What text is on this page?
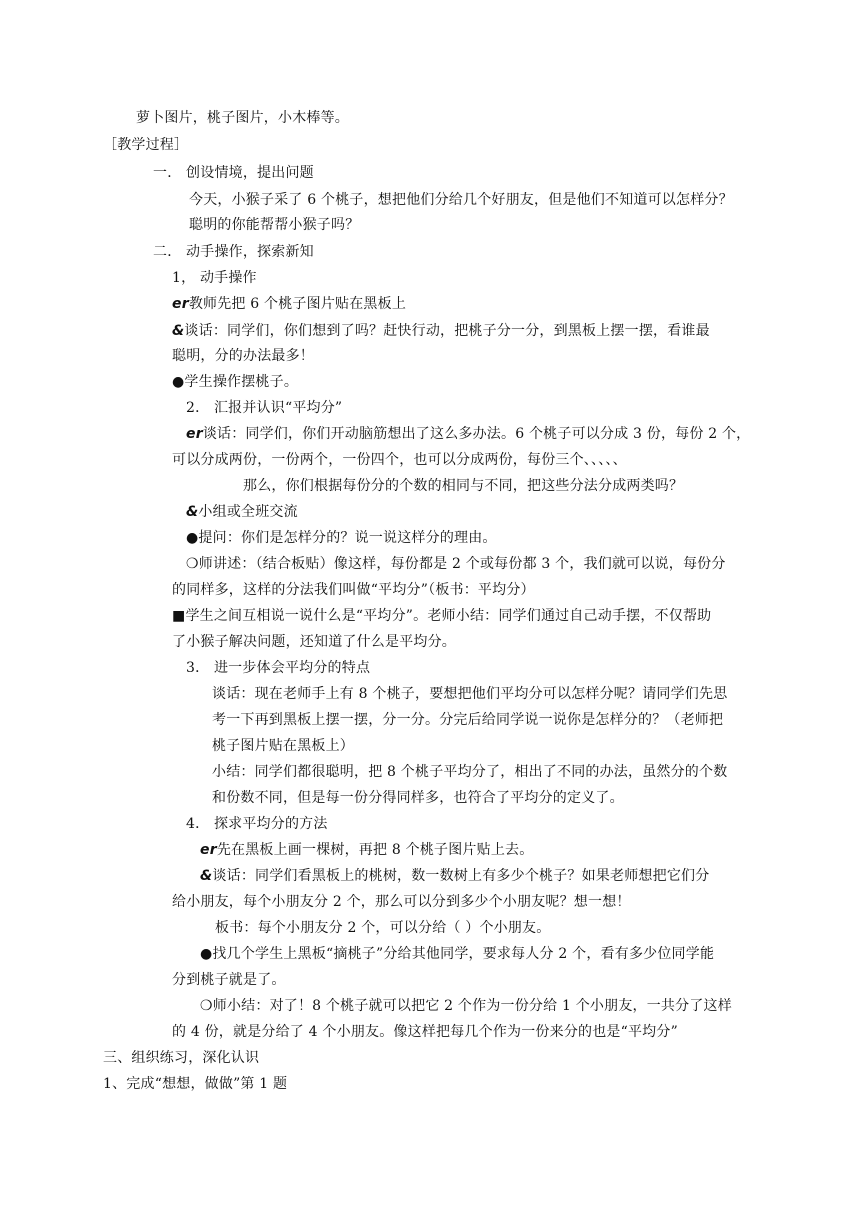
萝卜图片，桃子图片，小木棒等。
［教学过程］
一． 创设情境，提出问题
今天，小猴子采了 6 个桃子，想把他们分给几个好朋友，但是他们不知道可以怎样分？
聪明的你能帮帮小猴子吗？
二． 动手操作，探索新知
1， 动手操作
er教师先把 6 个桃子图片贴在黑板上
&谈话：同学们，你们想到了吗？赶快行动，把桃子分一分，到黑板上摆一摆，看谁最
聪明，分的办法最多！
●学生操作摆桃子。
2． 汇报并认识“平均分”
er谈话：同学们，你们开动脑筋想出了这么多办法。6 个桃子可以分成 3 份，每份 2 个，
可以分成两份，一份两个，一份四个，也可以分成两份，每份三个、、、、、
那么，你们根据每份分的个数的相同与不同，把这些分法分成两类吗？
&小组或全班交流
●提问：你们是怎样分的？说一说这样分的理由。
❍师讲述：（结合板贴）像这样，每份都是 2 个或每份都 3 个，我们就可以说，每份分
的同样多，这样的分法我们叫做“平均分”（板书：平均分）
■学生之间互相说一说什么是“平均分”。老师小结：同学们通过自己动手摆，不仅帮助
了小猴子解决问题，还知道了什么是平均分。
3． 进一步体会平均分的特点
谈话：现在老师手上有 8 个桃子，要想把他们平均分可以怎样分呢？请同学们先思
考一下再到黑板上摆一摆，分一分。分完后给同学说一说你是怎样分的？（老师把
桃子图片贴在黑板上）
小结：同学们都很聪明，把 8 个桃子平均分了，相出了不同的办法，虽然分的个数
和份数不同，但是每一份分得同样多，也符合了平均分的定义了。
4． 探求平均分的方法
er先在黑板上画一棵树，再把 8 个桃子图片贴上去。
&谈话：同学们看黑板上的桃树，数一数树上有多少个桃子？如果老师想把它们分
给小朋友，每个小朋友分 2 个，那么可以分到多少个小朋友呢？想一想！
板书：每个小朋友分 2 个，可以分给（ ）个小朋友。
●找几个学生上黑板“摘桃子”分给其他同学，要求每人分 2 个，看有多少位同学能
分到桃子就是了。
❍师小结：对了！8 个桃子就可以把它 2 个作为一份分给 1 个小朋友，一共分了这样
的 4 份，就是分给了 4 个小朋友。像这样把每几个作为一份来分的也是“平均分”
三、组织练习，深化认识
1、完成“想想，做做”第 1 题
